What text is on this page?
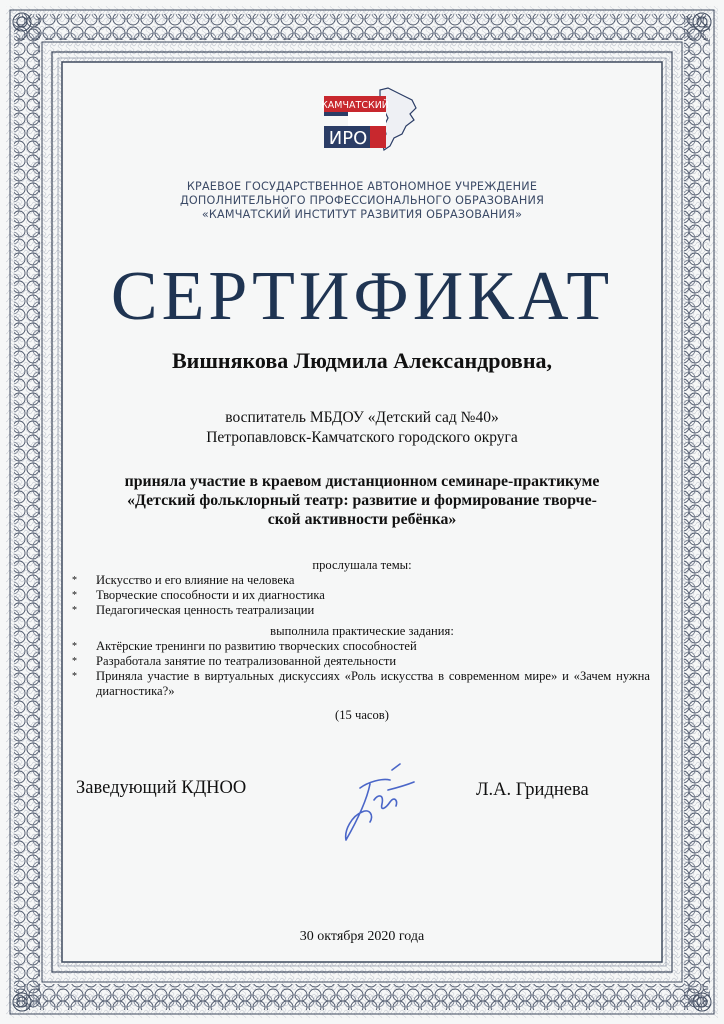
КАМЧАТСКИЙ
ИРО
КРАЕВОЕ ГОСУДАРСТВЕННОЕ АВТОНОМНОЕ УЧРЕЖДЕНИЕ
ДОПОЛНИТЕЛЬНОГО ПРОФЕССИОНАЛЬНОГО ОБРАЗОВАНИЯ
«КАМЧАТСКИЙ ИНСТИТУТ РАЗВИТИЯ ОБРАЗОВАНИЯ»
СЕРТИФИКАТ
Вишнякова Людмила Александровна,
воспитатель МБДОУ «Детский сад №40»
Петропавловск-Камчатского городского округа
приняла участие в краевом дистанционном семинаре-практикуме
«Детский фольклорный театр: развитие и формирование творче-
ской активности ребёнка»
прослушала темы:
* Искусство и его влияние на человека
* Творческие способности и их диагностика
* Педагогическая ценность театрализации
выполнила практические задания:
* Актёрские тренинги по развитию творческих способностей
* Разработала занятие по театрализованной деятельности
* Приняла участие в виртуальных дискуссиях «Роль искусства в современном мире» и «Зачем нужна диагностика?»
(15 часов)
Заведующий КДНОО	Л.А. Гриднева
30 октября 2020 года
